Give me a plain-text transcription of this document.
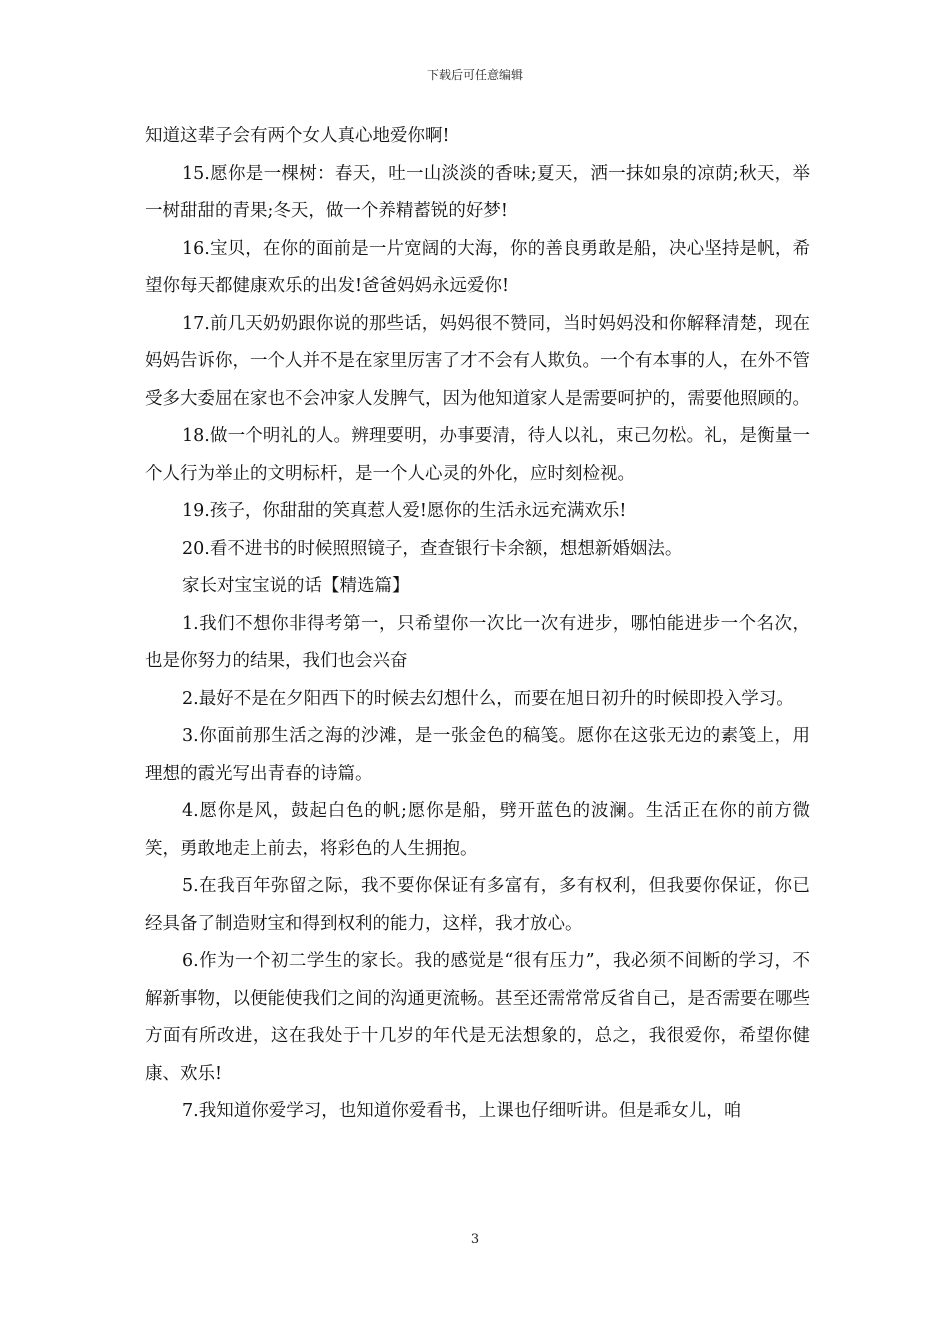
下载后可任意编辑

知道这辈子会有两个女人真心地爱你啊!

15.愿你是一棵树：春天，吐一山淡淡的香味;夏天，洒一抹如泉的凉荫;秋天，举一树甜甜的青果;冬天，做一个养精蓄锐的好梦!

16.宝贝，在你的面前是一片宽阔的大海，你的善良勇敢是船，决心坚持是帆，希望你每天都健康欢乐的出发!爸爸妈妈永远爱你!

17.前几天奶奶跟你说的那些话，妈妈很不赞同，当时妈妈没和你解释清楚，现在妈妈告诉你，一个人并不是在家里厉害了才不会有人欺负。一个有本事的人，在外不管受多大委屈在家也不会冲家人发脾气，因为他知道家人是需要呵护的，需要他照顾的。

18.做一个明礼的人。辨理要明，办事要清，待人以礼，束己勿松。礼，是衡量一个人行为举止的文明标杆，是一个人心灵的外化，应时刻检视。

19.孩子，你甜甜的笑真惹人爱!愿你的生活永远充满欢乐!

20.看不进书的时候照照镜子，查查银行卡余额，想想新婚姻法。

家长对宝宝说的话【精选篇】

1.我们不想你非得考第一，只希望你一次比一次有进步，哪怕能进步一个名次，也是你努力的结果，我们也会兴奋

2.最好不是在夕阳西下的时候去幻想什么，而要在旭日初升的时候即投入学习。

3.你面前那生活之海的沙滩，是一张金色的稿笺。愿你在这张无边的素笺上，用理想的霞光写出青春的诗篇。

4.愿你是风，鼓起白色的帆;愿你是船，劈开蓝色的波澜。生活正在你的前方微笑，勇敢地走上前去，将彩色的人生拥抱。

5.在我百年弥留之际，我不要你保证有多富有，多有权利，但我要你保证，你已经具备了制造财宝和得到权利的能力，这样，我才放心。

6.作为一个初二学生的家长。我的感觉是“很有压力”，我必须不间断的学习，不解新事物，以便能使我们之间的沟通更流畅。甚至还需常常反省自己，是否需要在哪些方面有所改进，这在我处于十几岁的年代是无法想象的，总之，我很爱你，希望你健康、欢乐!

7.我知道你爱学习，也知道你爱看书，上课也仔细听讲。但是乖女儿，咱

3
